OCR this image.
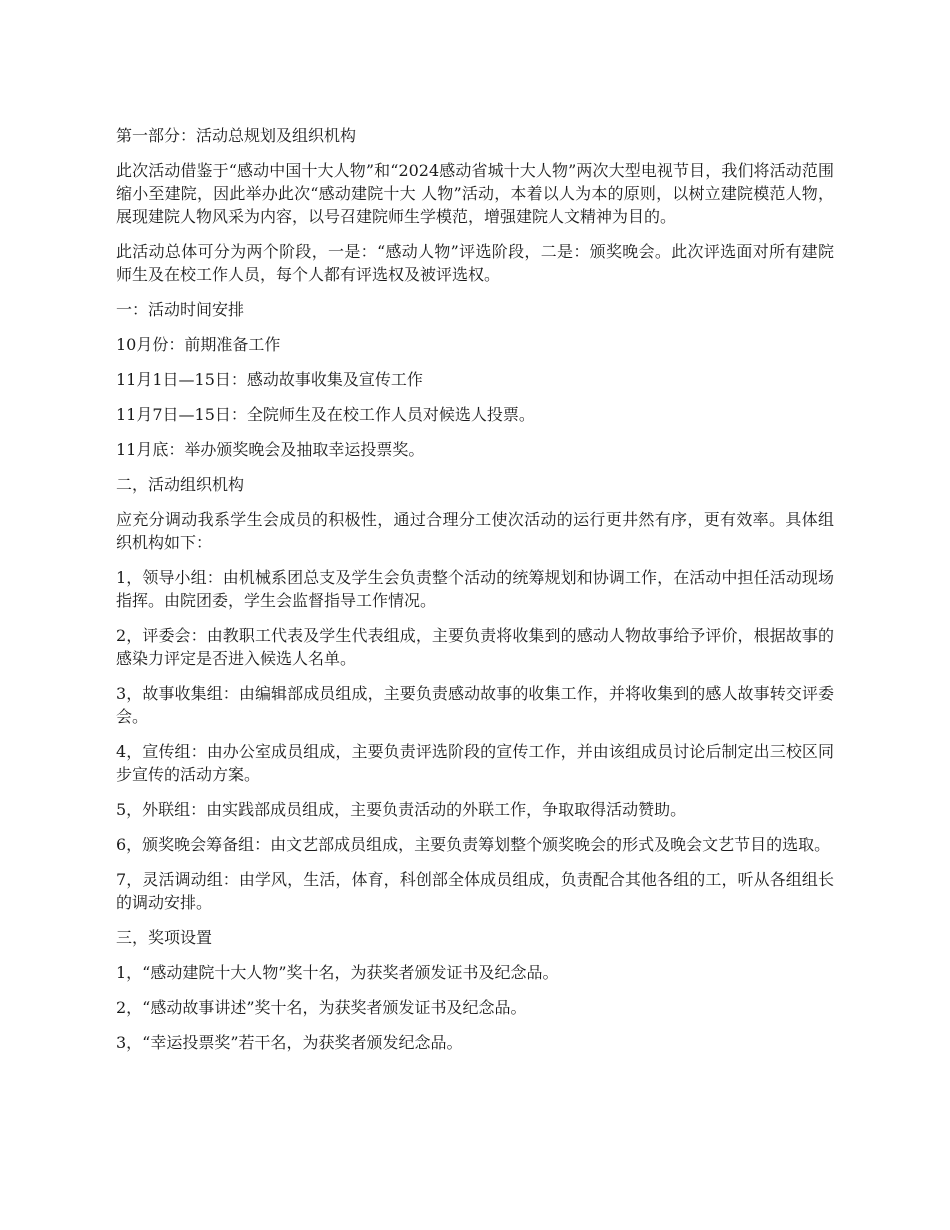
第一部分：活动总规划及组织机构

此次活动借鉴于“感动中国十大人物”和“2024感动省城十大人物”两次大型电视节目，我们将活动范围缩小至建院，因此举办此次“感动建院十大 人物”活动，本着以人为本的原则，以树立建院模范人物，展现建院人物风采为内容，以号召建院师生学模范，增强建院人文精神为目的。

此活动总体可分为两个阶段，一是：“感动人物”评选阶段，二是：颁奖晚会。此次评选面对所有建院师生及在校工作人员，每个人都有评选权及被评选权。

一：活动时间安排

10月份：前期准备工作

11月1日—15日：感动故事收集及宣传工作

11月7日—15日：全院师生及在校工作人员对候选人投票。

11月底：举办颁奖晚会及抽取幸运投票奖。

二，活动组织机构

应充分调动我系学生会成员的积极性，通过合理分工使次活动的运行更井然有序，更有效率。具体组织机构如下：

1，领导小组：由机械系团总支及学生会负责整个活动的统筹规划和协调工作，在活动中担任活动现场指挥。由院团委，学生会监督指导工作情况。

2，评委会：由教职工代表及学生代表组成，主要负责将收集到的感动人物故事给予评价，根据故事的感染力评定是否进入候选人名单。

3，故事收集组：由编辑部成员组成，主要负责感动故事的收集工作，并将收集到的感人故事转交评委会。

4，宣传组：由办公室成员组成，主要负责评选阶段的宣传工作，并由该组成员讨论后制定出三校区同步宣传的活动方案。

5，外联组：由实践部成员组成，主要负责活动的外联工作，争取取得活动赞助。

6，颁奖晚会筹备组：由文艺部成员组成，主要负责筹划整个颁奖晚会的形式及晚会文艺节目的选取。

7，灵活调动组：由学风，生活，体育，科创部全体成员组成，负责配合其他各组的工，听从各组组长的调动安排。

三，奖项设置

1，“感动建院十大人物”奖十名，为获奖者颁发证书及纪念品。

2，“感动故事讲述”奖十名，为获奖者颁发证书及纪念品。

3，“幸运投票奖”若干名，为获奖者颁发纪念品。
